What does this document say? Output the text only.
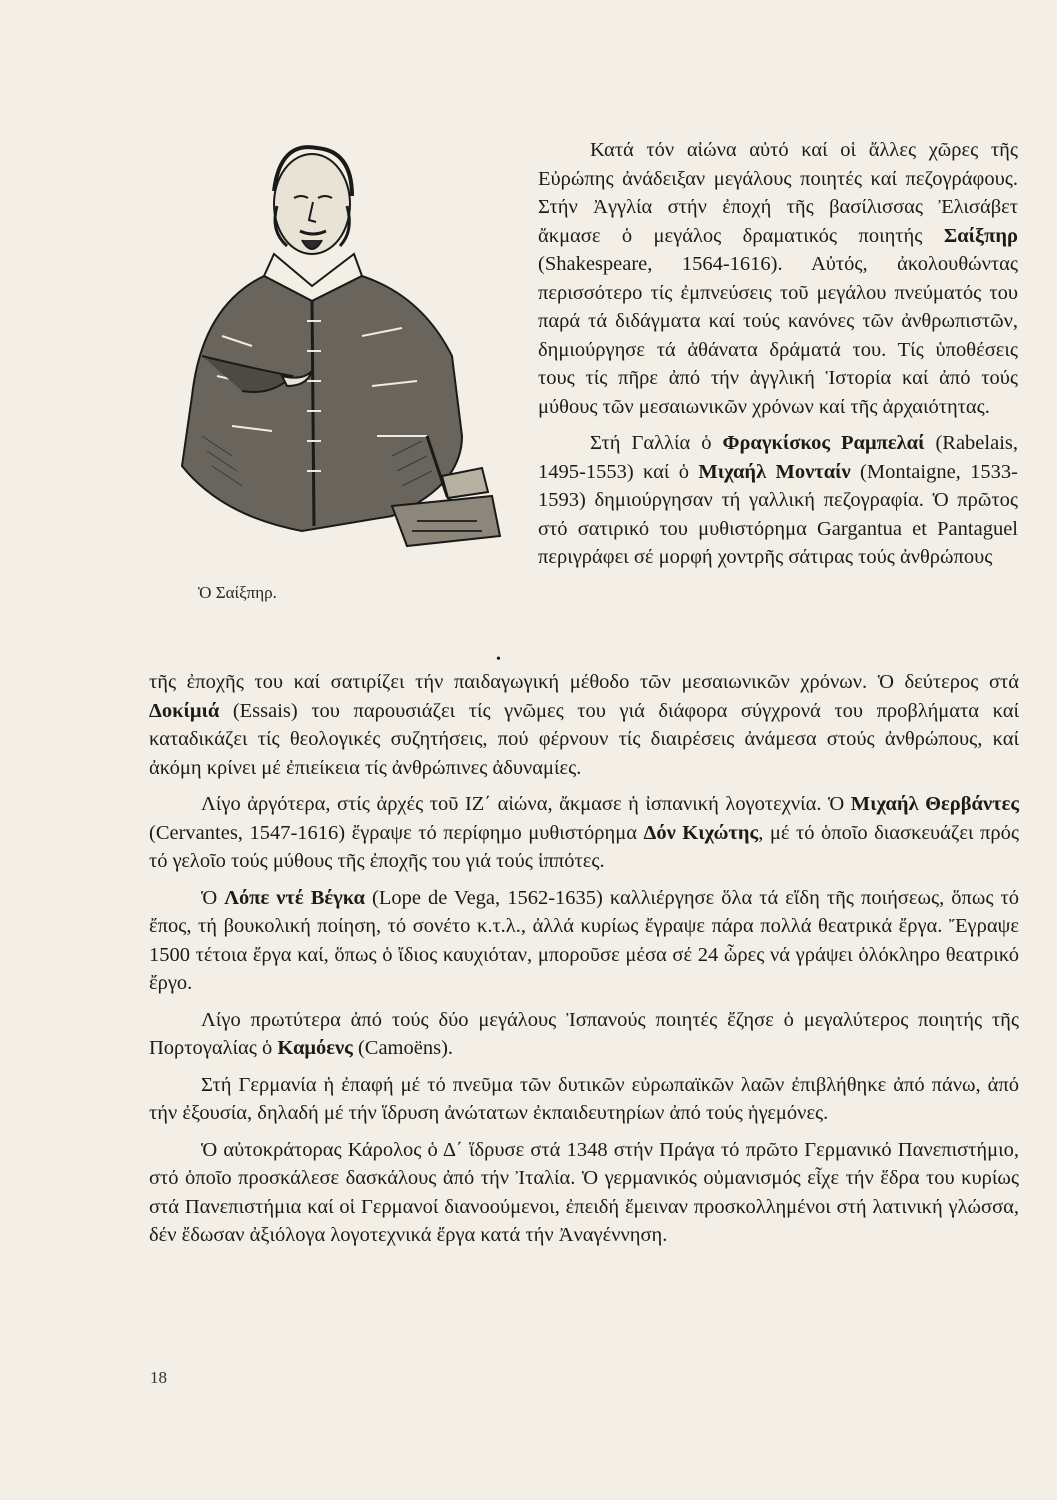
Ὁ Σαίξπηρ.

Κατά τόν αἰώνα αὐτό καί οἱ ἄλλες χῶρες τῆς Εὐρώπης ἀνάδειξαν μεγάλους ποιητές καί πεζογράφους. Στήν Ἀγγλία στήν ἐποχή τῆς βασίλισσας Ἐλισάβετ ἄκμασε ὁ μεγάλος δραματικός ποιητής Σαίξπηρ (Shakespeare, 1564-1616). Αὐτός, ἀκολουθώντας περισσότερο τίς ἐμπνεύσεις τοῦ μεγάλου πνεύματός του παρά τά διδάγματα καί τούς κανόνες τῶν ἀνθρωπιστῶν, δημιούργησε τά ἀθάνατα δράματά του. Τίς ὑποθέσεις τους τίς πῆρε ἀπό τήν ἀγγλική Ἱστορία καί ἀπό τούς μύθους τῶν μεσαιωνικῶν χρόνων καί τῆς ἀρχαιότητας.

Στή Γαλλία ὁ Φραγκίσκος Ραμπελαί (Rabelais, 1495-1553) καί ὁ Μιχαήλ Μονταίν (Montaigne, 1533-1593) δημιούργησαν τή γαλλική πεζογραφία. Ὁ πρῶτος στό σατιρικό του μυθιστόρημα Gargantua et Pantaguel περιγράφει σέ μορφή χοντρῆς σάτιρας τούς ἀνθρώπους

•

τῆς ἐποχῆς του καί σατιρίζει τήν παιδαγωγική μέθοδο τῶν μεσαιωνικῶν χρόνων. Ὁ δεύτερος στά Δοκίμιά (Essais) του παρουσιάζει τίς γνῶμες του γιά διάφορα σύγχρονά του προβλήματα καί καταδικάζει τίς θεολογικές συζητήσεις, πού φέρνουν τίς διαιρέσεις ἀνάμεσα στούς ἀνθρώπους, καί ἀκόμη κρίνει μέ ἐπιείκεια τίς ἀνθρώπινες ἀδυναμίες.

Λίγο ἀργότερα, στίς ἀρχές τοῦ ΙΖ΄ αἰώνα, ἄκμασε ἡ ἰσπανική λογοτεχνία. Ὁ Μιχαήλ Θερβάντες (Cervantes, 1547-1616) ἔγραψε τό περίφημο μυθιστόρημα Δόν Κιχώτης, μέ τό ὁποῖο διασκευάζει πρός τό γελοῖο τούς μύθους τῆς ἐποχῆς του γιά τούς ἱππότες.

Ὁ Λόπε ντέ Βέγκα (Lope de Vega, 1562-1635) καλλιέργησε ὅλα τά εἴδη τῆς ποιήσεως, ὅπως τό ἔπος, τή βουκολική ποίηση, τό σονέτο κ.τ.λ., ἀλλά κυρίως ἔγραψε πάρα πολλά θεατρικά ἔργα. Ἔγραψε 1500 τέτοια ἔργα καί, ὅπως ὁ ἴδιος καυχιόταν, μποροῦσε μέσα σέ 24 ὧρες νά γράψει ὁλόκληρο θεατρικό ἔργο.

Λίγο πρωτύτερα ἀπό τούς δύο μεγάλους Ἰσπανούς ποιητές ἔζησε ὁ μεγαλύτερος ποιητής τῆς Πορτογαλίας ὁ Καμόενς (Camoëns).

Στή Γερμανία ἡ ἐπαφή μέ τό πνεῦμα τῶν δυτικῶν εὐρωπαϊκῶν λαῶν ἐπιβλήθηκε ἀπό πάνω, ἀπό τήν ἐξουσία, δηλαδή μέ τήν ἵδρυση ἀνώτατων ἐκπαιδευτηρίων ἀπό τούς ἡγεμόνες.

Ὁ αὐτοκράτορας Κάρολος ὁ Δ΄ ἵδρυσε στά 1348 στήν Πράγα τό πρῶτο Γερμανικό Πανεπιστήμιο, στό ὁποῖο προσκάλεσε δασκάλους ἀπό τήν Ἰταλία. Ὁ γερμανικός οὐμανισμός εἶχε τήν ἕδρα του κυρίως στά Πανεπιστήμια καί οἱ Γερμανοί διανοούμενοι, ἐπειδή ἔμειναν προσκολλημένοι στή λατινική γλώσσα, δέν ἔδωσαν ἀξιόλογα λογοτεχνικά ἔργα κατά τήν Ἀναγέννηση.

18
